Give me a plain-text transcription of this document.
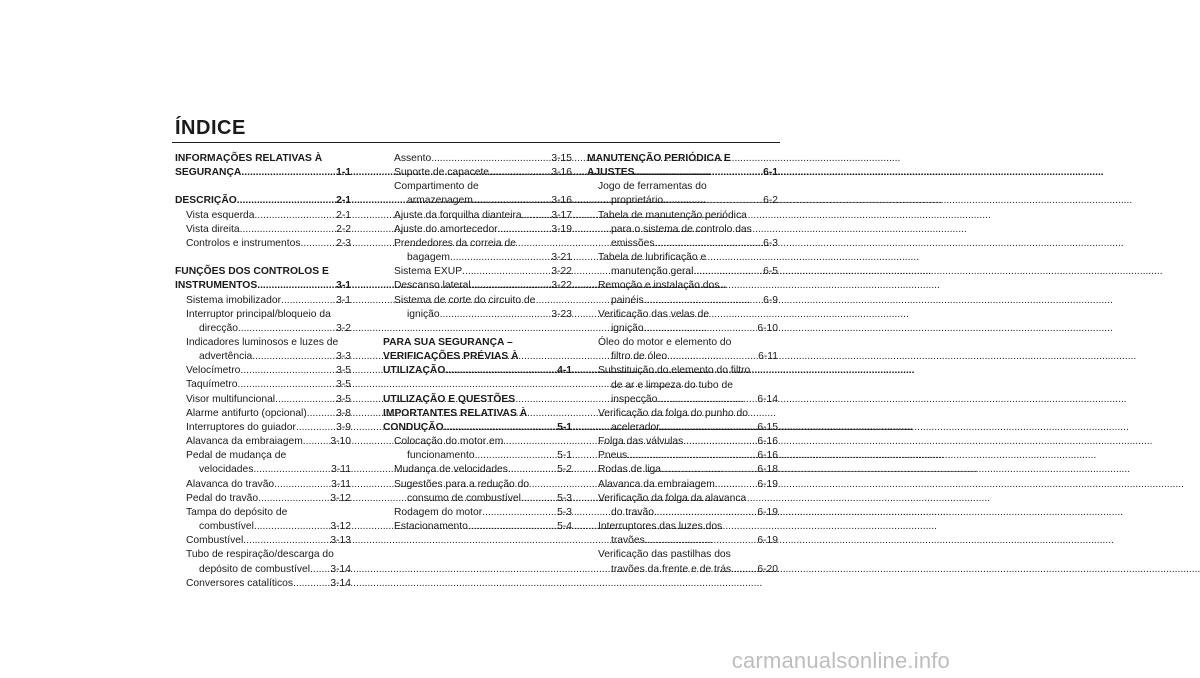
ÍNDICE
INFORMAÇÕES RELATIVAS À
SEGURANÇA .....	1-1
DESCRIÇÃO .....	2-1
Vista esquerda .....	2-1
Vista direita .....	2-2
Controlos e instrumentos .....	2-3
FUNÇÕES DOS CONTROLOS E
INSTRUMENTOS .....	3-1
Sistema imobilizador .....	3-1
Interruptor principal/bloqueio da
direcção .....	3-2
Indicadores luminosos e luzes de
advertência .....	3-3
Velocímetro .....	3-5
Taquímetro .....	3-5
Visor multifuncional .....	3-5
Alarme antifurto (opcional) .....	3-8
Interruptores do guiador .....	3-9
Alavanca da embraiagem .....	3-10
Pedal de mudança de
velocidades .....	3-11
Alavanca do travão .....	3-11
Pedal do travão .....	3-12
Tampa do depósito de
combustível .....	3-12
Combustível .....	3-13
Tubo de respiração/descarga do
depósito de combustível ..... 3-14
Conversores catalíticos .....	3-14
Assento .....	3-15
Suporte de capacete .....	3-16
Compartimento de
armazenagem .....	3-16
Ajuste da forquilha dianteira .....	3-17
Ajuste do amortecedor .....	3-19
Prendedores da correia de
bagagem .....	3-21
Sistema EXUP .....	3-22
Descanso lateral .....	3-22
Sistema de corte do circuito de
ignição .....	3-23
PARA SUA SEGURANÇA –
VERIFICAÇÕES PRÉVIAS À
UTILIZAÇÃO .....	4-1
UTILIZAÇÃO E QUESTÕES
IMPORTANTES RELATIVAS À
CONDUÇÃO .....	5-1
Colocação do motor em
funcionamento .....	5-1
Mudança de velocidades .....	5-2
Sugestões para a redução do
consumo de combustível .....	5-3
Rodagem do motor .....	5-3
Estacionamento .....	5-4
MANUTENÇÃO PERIÓDICA E
AJUSTES .....	6-1
Jogo de ferramentas do
proprietário .....	6-2
Tabela de manutenção periódica
para o sistema de controlo das
emissões .....	6-3
Tabela de lubrificação e
manutenção geral .....	6-5
Remoção e instalação dos
painéis .....	6-9
Verificação das velas de
ignição .....	6-10
Óleo do motor e elemento do
filtro de óleo .....	6-11
Substituição do elemento do filtro
de ar e limpeza do tubo de
inspecção .....	6-14
Verificação da folga do punho do
acelerador .....	6-15
Folga das válvulas .....	6-16
Pneus .....	6-16
Rodas de liga .....	6-18
Alavanca da embraiagem .....	6-19
Verificação da folga da alavanca
do travão .....	6-19
Interruptores das luzes dos
travões .....	6-19
Verificação das pastilhas dos
travões da frente e de trás .....	6-20
carmanualsonline.info
